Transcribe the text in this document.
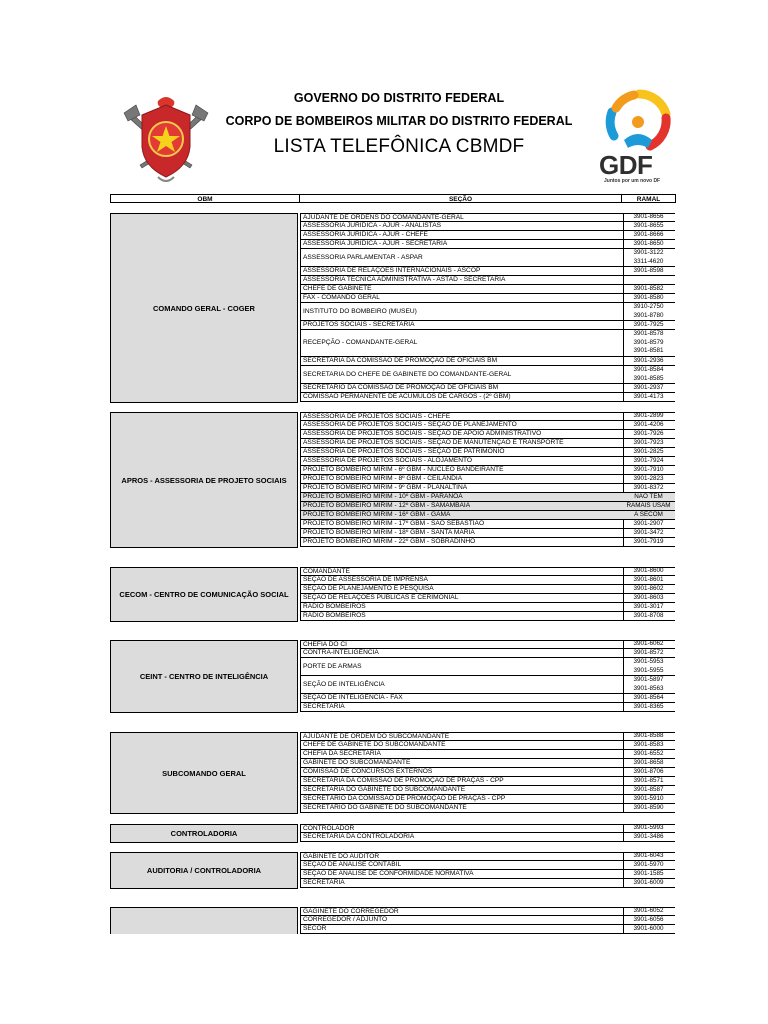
GOVERNO DO DISTRITO FEDERAL
CORPO DE BOMBEIROS MILITAR DO DISTRITO FEDERAL
LISTA TELEFÔNICA CBMDF
GDF
Juntos por um novo DF
OBM	SEÇÃO	RAMAL
COMANDO GERAL - COGER
AJUDANTE DE ORDENS DO COMANDANTE-GERAL	3901-8656
ASSESSORIA JURIDICA - AJUR - ANALISTAS	3901-8655
ASSESSORIA JURIDICA - AJUR - CHEFE	3901-8666
ASSESSORIA JURIDICA - AJUR - SECRETARIA	3901-8650
ASSESSORIA PARLAMENTAR - ASPAR
3901-3122
3311-4620
ASSESSORIA DE RELAÇÕES INTERNACIONAIS - ASCOP	3901-8598
ASSESSORIA TÉCNICA ADMINISTRATIVA - ASTAD - SECRETARIA
CHEFE DE GABINETE	3901-8582
FAX - COMANDO GERAL	3901-8580
INSTITUTO DO BOMBEIRO (MUSEU)
3910-2750
3901-8780
PROJETOS SOCIAIS - SECRETARIA	3901-7925
RECEPÇÃO - COMANDANTE-GERAL
3901-8578
3901-8579
3901-8581
SECRETARIA DA COMISSÃO DE PROMOÇÃO DE OFICIAIS BM	3901-2936
SECRETARIA DO CHEFE DE GABINETE DO COMANDANTE-GERAL
3901-8584
3901-8585
SECRETARIO DA COMISSAO DE PROMOÇÃO DE OFICIAIS BM	3901-2937
COMISSÃO PERMANENTE DE ACUMULOS DE CARGOS - (2º GBM)	3901-4173
APROS - ASSESSORIA DE PROJETO SOCIAIS
ASSESSORIA DE PROJETOS SOCIAIS - CHEFE	3901-2899
ASSESSORIA DE PROJETOS SOCIAIS - SEÇÃO DE PLANEJAMENTO	3901-4206
ASSESSORIA DE PROJETOS SOCIAIS - SEÇÃO DE APOIO ADMINISTRATIVO	3901-7926
ASSESSORIA DE PROJETOS SOCIAIS - SEÇÃO DE MANUTENÇÃO E TRANSPORTE	3901-7923
ASSESSORIA DE PROJETOS SOCIAIS - SEÇÃO DE PATRIMÔNIO	3901-2825
ASSESSORIA DE PROJETOS SOCIAIS - ALOJAMENTO	3901-7924
PROJETO BOMBEIRO MIRIM - 6º GBM - NÚCLEO BANDEIRANTE	3901-7910
PROJETO BOMBEIRO MIRIM - 8º GBM - CEILÂNDIA	3901-2823
PROJETO BOMBEIRO MIRIM - 9º GBM - PLANALTINA	3901-8372
PROJETO BOMBEIRO MIRIM - 10º GBM - PARANOÁ	NÃO TEM
PROJETO BOMBEIRO MIRIM - 12º GBM - SAMAMBAIA	RAMAIS USAM
PROJETO BOMBEIRO MIRIM - 16º GBM - GAMA	A SECOM
PROJETO BOMBEIRO MIRIM - 17º GBM - SÃO SEBASTIÃO	3901-2907
PROJETO BOMBEIRO MIRIM - 18º GBM - SANTA MARIA	3901-3472
PROJETO BOMBEIRO MIRIM - 22º GBM - SOBRADINHO	3901-7919
CECOM - CENTRO DE COMUNICAÇÃO SOCIAL
COMANDANTE	3901-8600
SEÇÃO DE ASSESSORIA DE IMPRENSA	3901-8601
SEÇÃO DE PLANEJAMENTO E PESQUISA	3901-8602
SEÇÃO DE RELAÇÕES PÚBLICAS E CERIMONIAL	3901-8603
RÁDIO BOMBEIROS	3901-3017
RÁDIO BOMBEIROS	3901-8708
CEINT - CENTRO DE INTELIGÊNCIA
CHEFIA DO CI	3901-6062
CONTRA-INTELIGÊNCIA	3901-8572
PORTE DE ARMAS
3901-5953
3901-5955
SEÇÃO DE INTELIGÊNCIA
3901-5897
3901-8563
SEÇÃO DE INTELIGÊNCIA - FAX	3901-8564
SECRETARIA	3901-8365
SUBCOMANDO GERAL
AJUDANTE DE ORDEM DO SUBCOMANDANTE	3901-8588
CHEFE DE GABINETE DO SUBCOMANDANTE	3901-8583
CHEFIA DA SECRETARIA	3901-6552
GABINETE DO SUBCOMANDANTE	3901-8658
COMISSÃO DE CONCURSOS EXTERNOS	3901-8706
SECRETARIA DA COMISSÃO DE PROMOÇÃO DE PRAÇAS - CPP	3901-8571
SECRETARIA DO GABINETE DO SUBCOMANDANTE	3901-8587
SECRETÁRIO DA COMISSÃO DE PROMOÇÃO DE PRAÇAS - CPP	3901-5910
SECRETÁRIO DO GABINETE DO SUBCOMANDANTE	3901-8590
CONTROLADORIA
CONTROLADOR	3901-5993
SECRETARIA DA CONTROLADORIA	3901-3486
AUDITORIA / CONTROLADORIA
GABINETE DO AUDITOR	3901-6043
SEÇÃO DE ANALISE CONTÁBIL	3901-5970
SEÇÃO DE ANALISE DE CONFORMIDADE NORMATIVA	3901-1585
SECRETARIA	3901-6009
GAGINETE DO CORREGEDOR	3901-6052
CORREGEDOR / ADJUNTO	3901-6056
SECOR	3901-6000
